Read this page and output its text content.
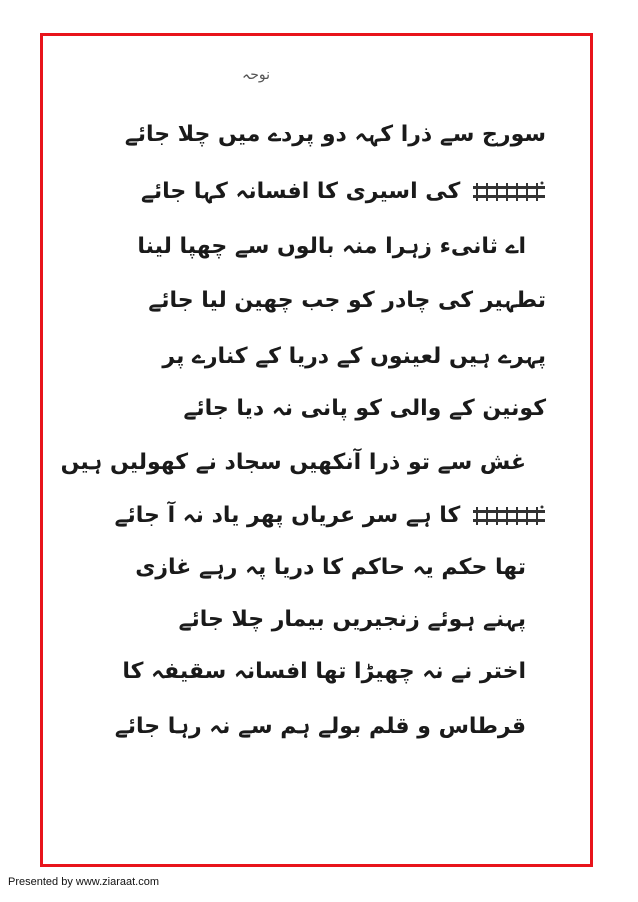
نوحہ
سورج سے ذرا کہہ دو پردے میں چلا جائے
کی اسیری کا افسانہ کہا جائے
اے ثانیء زہرا منہ بالوں سے چھپا لینا
تطہیر کی چادر کو جب چھین لیا جائے
پہرے ہیں لعینوں کے دریا کے کنارے پر
کونین کے والی کو پانی نہ دیا جائے
غش سے تو ذرا آنکھیں سجاد نے کھولیں ہیں
کا ہے سر عریاں پھر یاد نہ آ جائے
تھا حکم یہ حاکم کا دریا پہ رہے غازی
پہنے ہوئے زنجیریں بیمار چلا جائے
اختر نے نہ چھیڑا تھا افسانہ سقیفہ کا
قرطاس و قلم بولے ہم سے نہ رہا جائے
Presented by www.ziaraat.com
